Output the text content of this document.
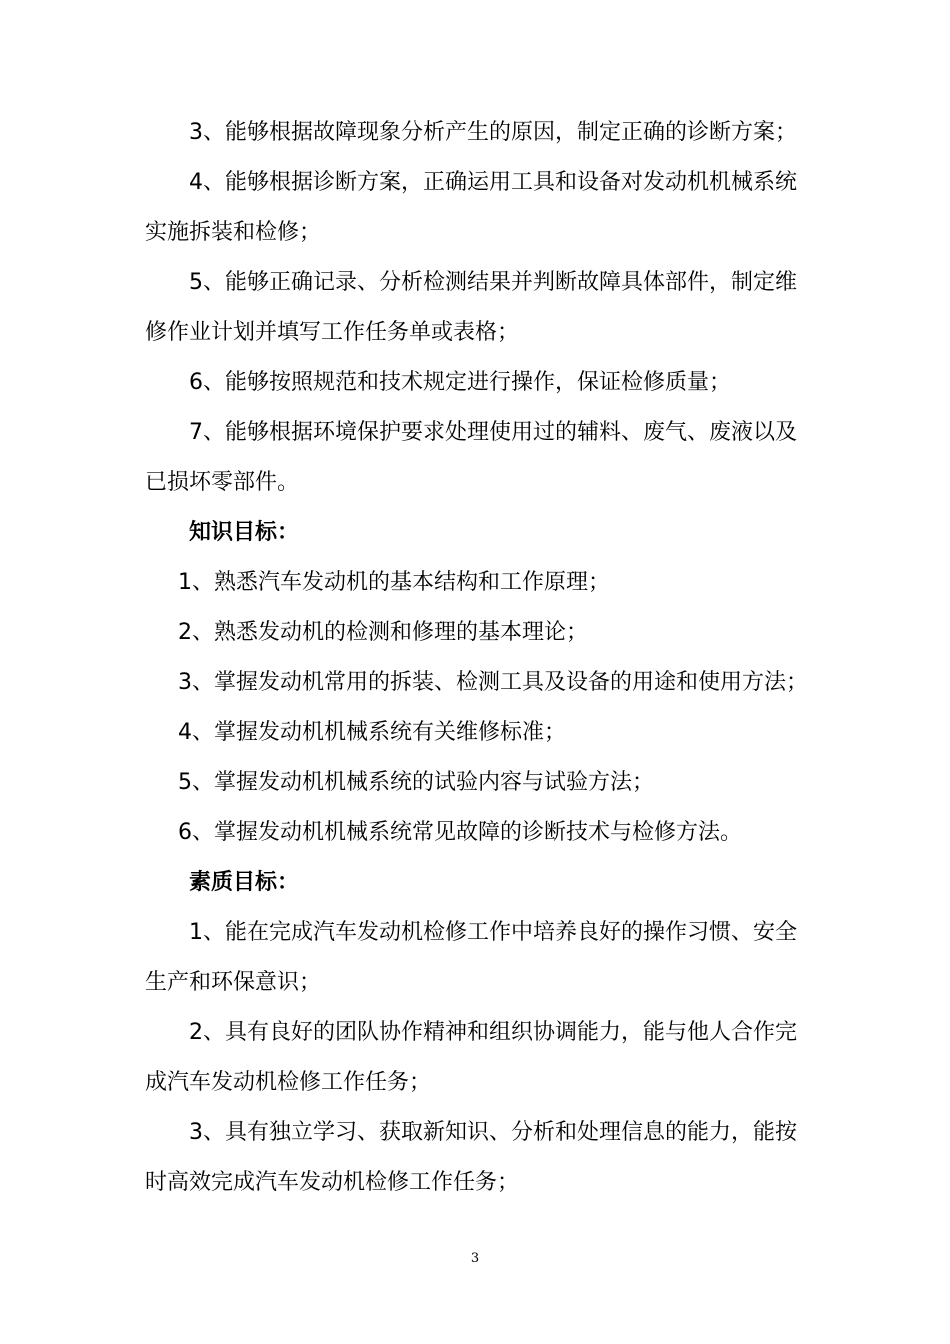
3、能够根据故障现象分析产生的原因，制定正确的诊断方案；
4、能够根据诊断方案，正确运用工具和设备对发动机机械系统
实施拆装和检修；
5、能够正确记录、分析检测结果并判断故障具体部件，制定维
修作业计划并填写工作任务单或表格；
6、能够按照规范和技术规定进行操作，保证检修质量；
7、能够根据环境保护要求处理使用过的辅料、废气、废液以及
已损坏零部件。
知识目标：
1、熟悉汽车发动机的基本结构和工作原理；
2、熟悉发动机的检测和修理的基本理论；
3、掌握发动机常用的拆装、检测工具及设备的用途和使用方法；
4、掌握发动机机械系统有关维修标准；
5、掌握发动机机械系统的试验内容与试验方法；
6、掌握发动机机械系统常见故障的诊断技术与检修方法。
素质目标：
1、能在完成汽车发动机检修工作中培养良好的操作习惯、安全
生产和环保意识；
2、具有良好的团队协作精神和组织协调能力，能与他人合作完
成汽车发动机检修工作任务；
3、具有独立学习、获取新知识、分析和处理信息的能力，能按
时高效完成汽车发动机检修工作任务；
3
